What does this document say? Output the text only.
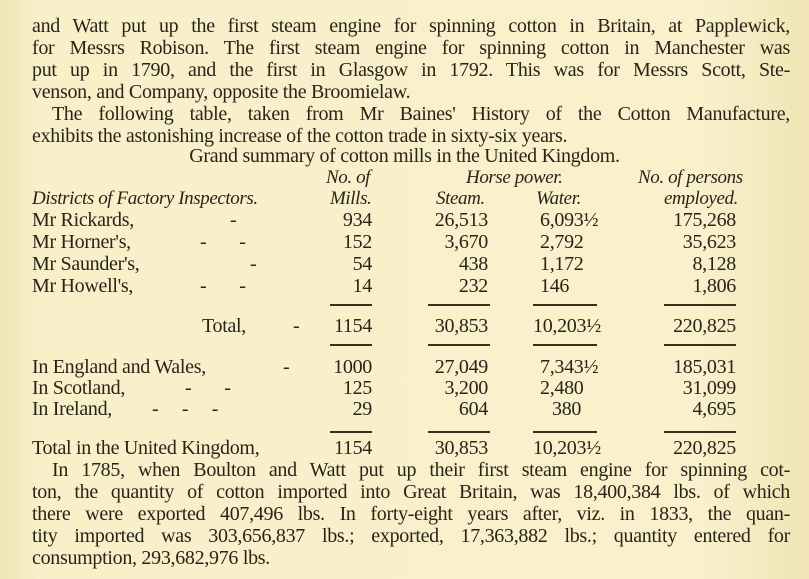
and Watt put up the first steam engine for spinning cotton in Britain, at Papplewick,
for Messrs Robison. The first steam engine for spinning cotton in Manchester was
put up in 1790, and the first in Glasgow in 1792. This was for Messrs Scott, Ste-
venson, and Company, opposite the Broomielaw.
The following table, taken from Mr Baines' History of the Cotton Manufacture,
exhibits the astonishing increase of the cotton trade in sixty-six years.
Grand summary of cotton mills in the United Kingdom.
No. of	Horse power.	No. of persons
Districts of Factory Inspectors.	Mills.	Steam.	Water.	employed.
Mr Rickards,	-	934	26,513	6,093½	175,268
Mr Horner's,	-       -	152	3,670	2,792	35,623
Mr Saunder's,	-	54	438	1,172	8,128
Mr Howell's,	-       -	14	232	146	1,806
Total, - 1154	30,853 10,203½	220,825
In England and Wales,	- 1000	27,049	7,343½	185,031
In Scotland,	-       -	125	3,200	2,480	31,099
In Ireland, -     -     -	29	604	380	4,695
Total in the United Kingdom,	1154	30,853 10,203½	220,825
In 1785, when Boulton and Watt put up their first steam engine for spinning cot-
ton, the quantity of cotton imported into Great Britain, was 18,400,384 lbs. of which
there were exported 407,496 lbs. In forty-eight years after, viz. in 1833, the quan-
tity imported was 303,656,837 lbs.; exported, 17,363,882 lbs.; quantity entered for
consumption, 293,682,976 lbs.
